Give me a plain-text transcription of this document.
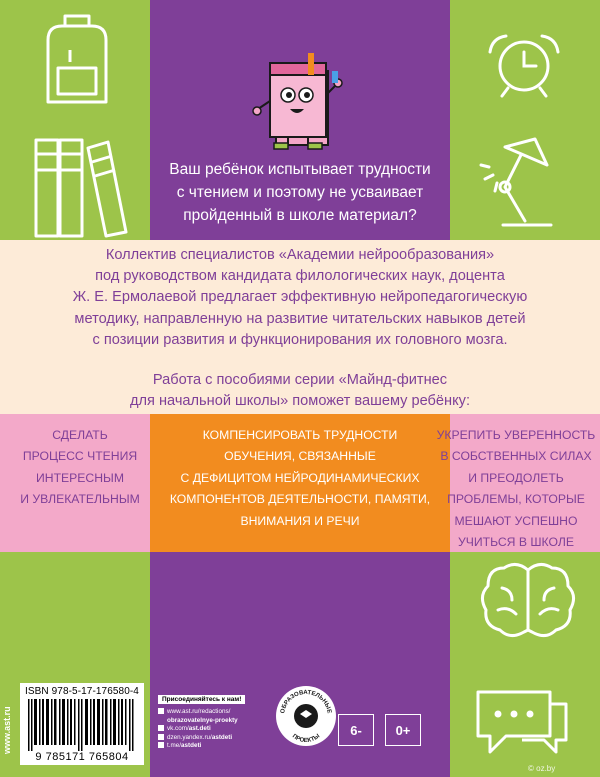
Ваш ребёнок испытывает трудности
с чтением и поэтому не усваивает
пройденный в школе материал?
Коллектив специалистов «Академии нейрообразования»
под руководством кандидата филологических наук, доцента
Ж. Е. Ермолаевой предлагает эффективную нейропедагогическую
методику, направленную на развитие читательских навыков детей
с позиции развития и функционирования их головного мозга.
Работа с пособиями серии «Майнд-фитнес
для начальной школы» поможет вашему ребёнку:
СДЕЛАТЬ
ПРОЦЕСС ЧТЕНИЯ
ИНТЕРЕСНЫМ
И УВЛЕКАТЕЛЬНЫМ
КОМПЕНСИРОВАТЬ ТРУДНОСТИ
ОБУЧЕНИЯ, СВЯЗАННЫЕ
С ДЕФИЦИТОМ НЕЙРОДИНАМИЧЕСКИХ
КОМПОНЕНТОВ ДЕЯТЕЛЬНОСТИ, ПАМЯТИ,
ВНИМАНИЯ И РЕЧИ
УКРЕПИТЬ УВЕРЕННОСТЬ
В СОБСТВЕННЫХ СИЛАХ
И ПРЕОДОЛЕТЬ
ПРОБЛЕМЫ, КОТОРЫЕ
МЕШАЮТ УСПЕШНО
УЧИТЬСЯ В ШКОЛЕ
www.ast.ru
ISBN 978-5-17-176580-4
9 785171 765804
Присоединяйтесь к нам!
www.ast.ru/redactions/
obrazovatelnye-proekty
vk.com/ast.deti
dzen.yandex.ru/astdeti
t.me/astdeti
ОБРАЗОВАТЕЛЬНЫЕ
ПРОЕКТЫ
6-	0+
© oz.by
